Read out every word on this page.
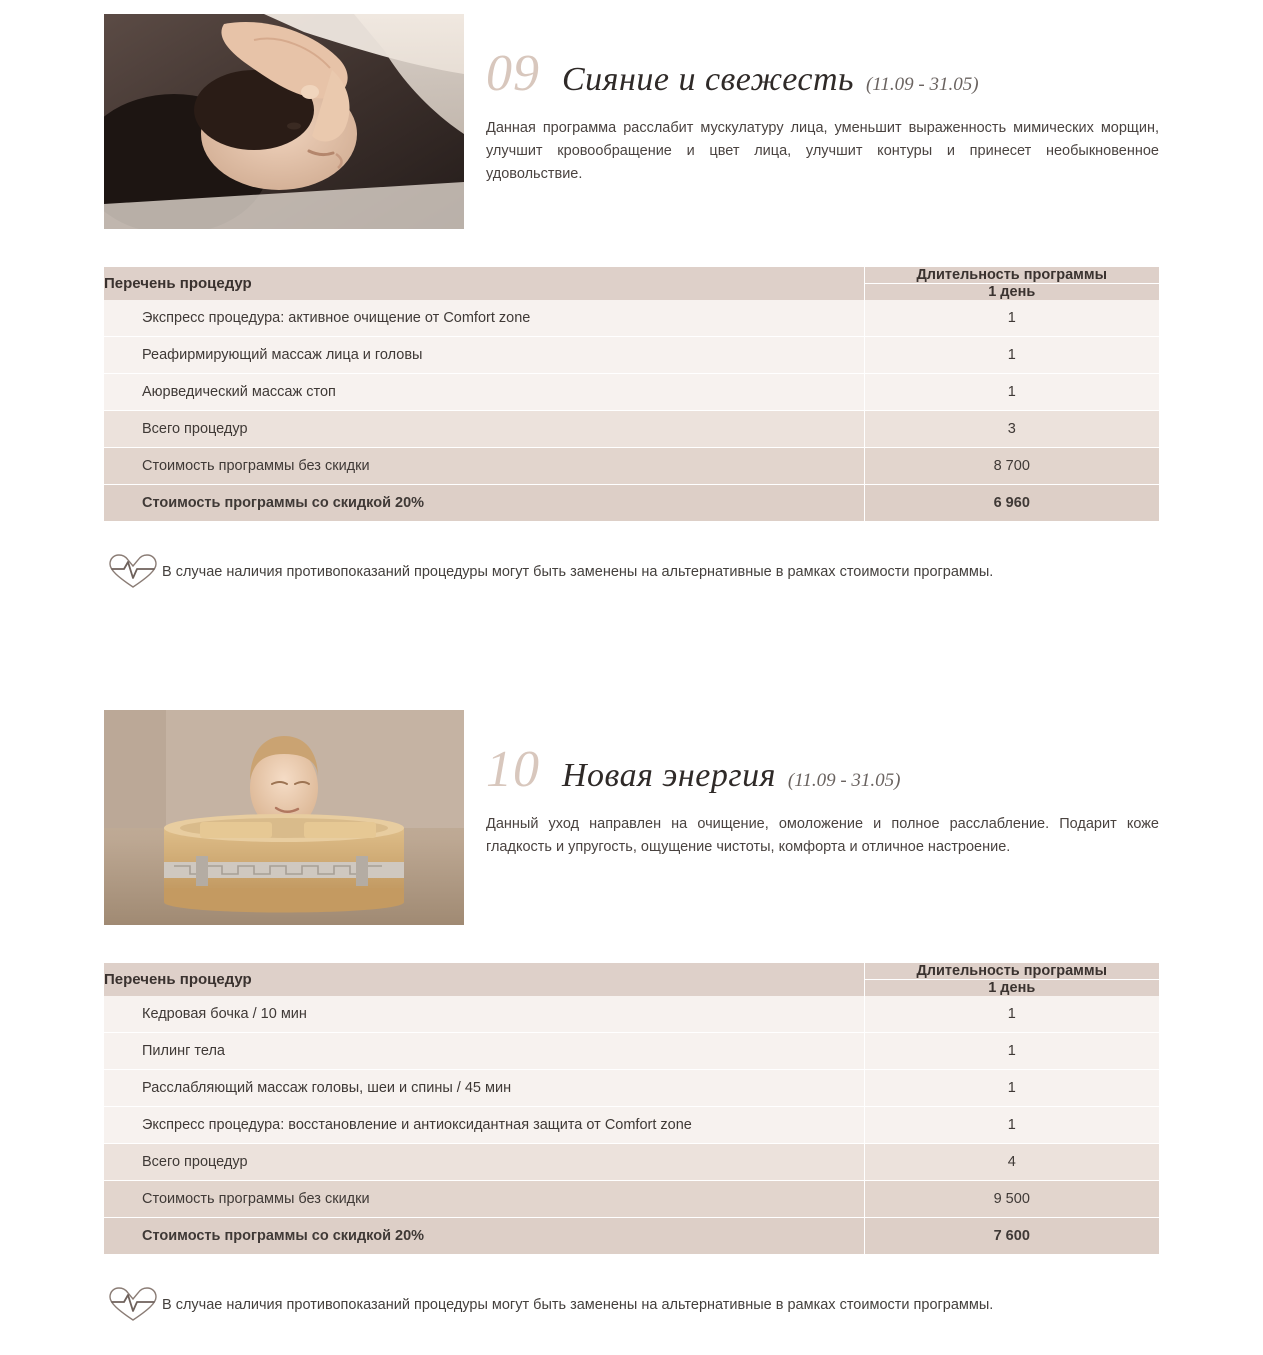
09 Сияние и свежесть (11.09 - 31.05)

Данная программа расслабит мускулатуру лица, уменьшит выраженность мимических морщин, улучшит кровообращение и цвет лица, улучшит контуры и принесет необыкновенное удовольствие.

Перечень процедур	Длительность программы
	1 день
Экспресс процедура: активное очищение от Comfort zone	1
Реафирмирующий массаж лица и головы	1
Аюрведический массаж стоп	1
Всего процедур	3
Стоимость программы без скидки	8 700
Стоимость программы со скидкой 20%	6 960
В случае наличия противопоказаний процедуры могут быть заменены на альтернативные в рамках стоимости программы.
10 Новая энергия (11.09 - 31.05)

Данный уход направлен на очищение, омоложение и полное расслабление. Подарит коже гладкость и упругость, ощущение чистоты, комфорта и отличное настроение.

Перечень процедур	Длительность программы
	1 день
Кедровая бочка / 10 мин	1
Пилинг тела	1
Расслабляющий массаж головы, шеи и спины / 45 мин	1
Экспресс процедура: восстановление и антиоксидантная защита от Comfort zone	1
Всего процедур	4
Стоимость программы без скидки	9 500
Стоимость программы со скидкой 20%	7 600
В случае наличия противопоказаний процедуры могут быть заменены на альтернативные в рамках стоимости программы.
